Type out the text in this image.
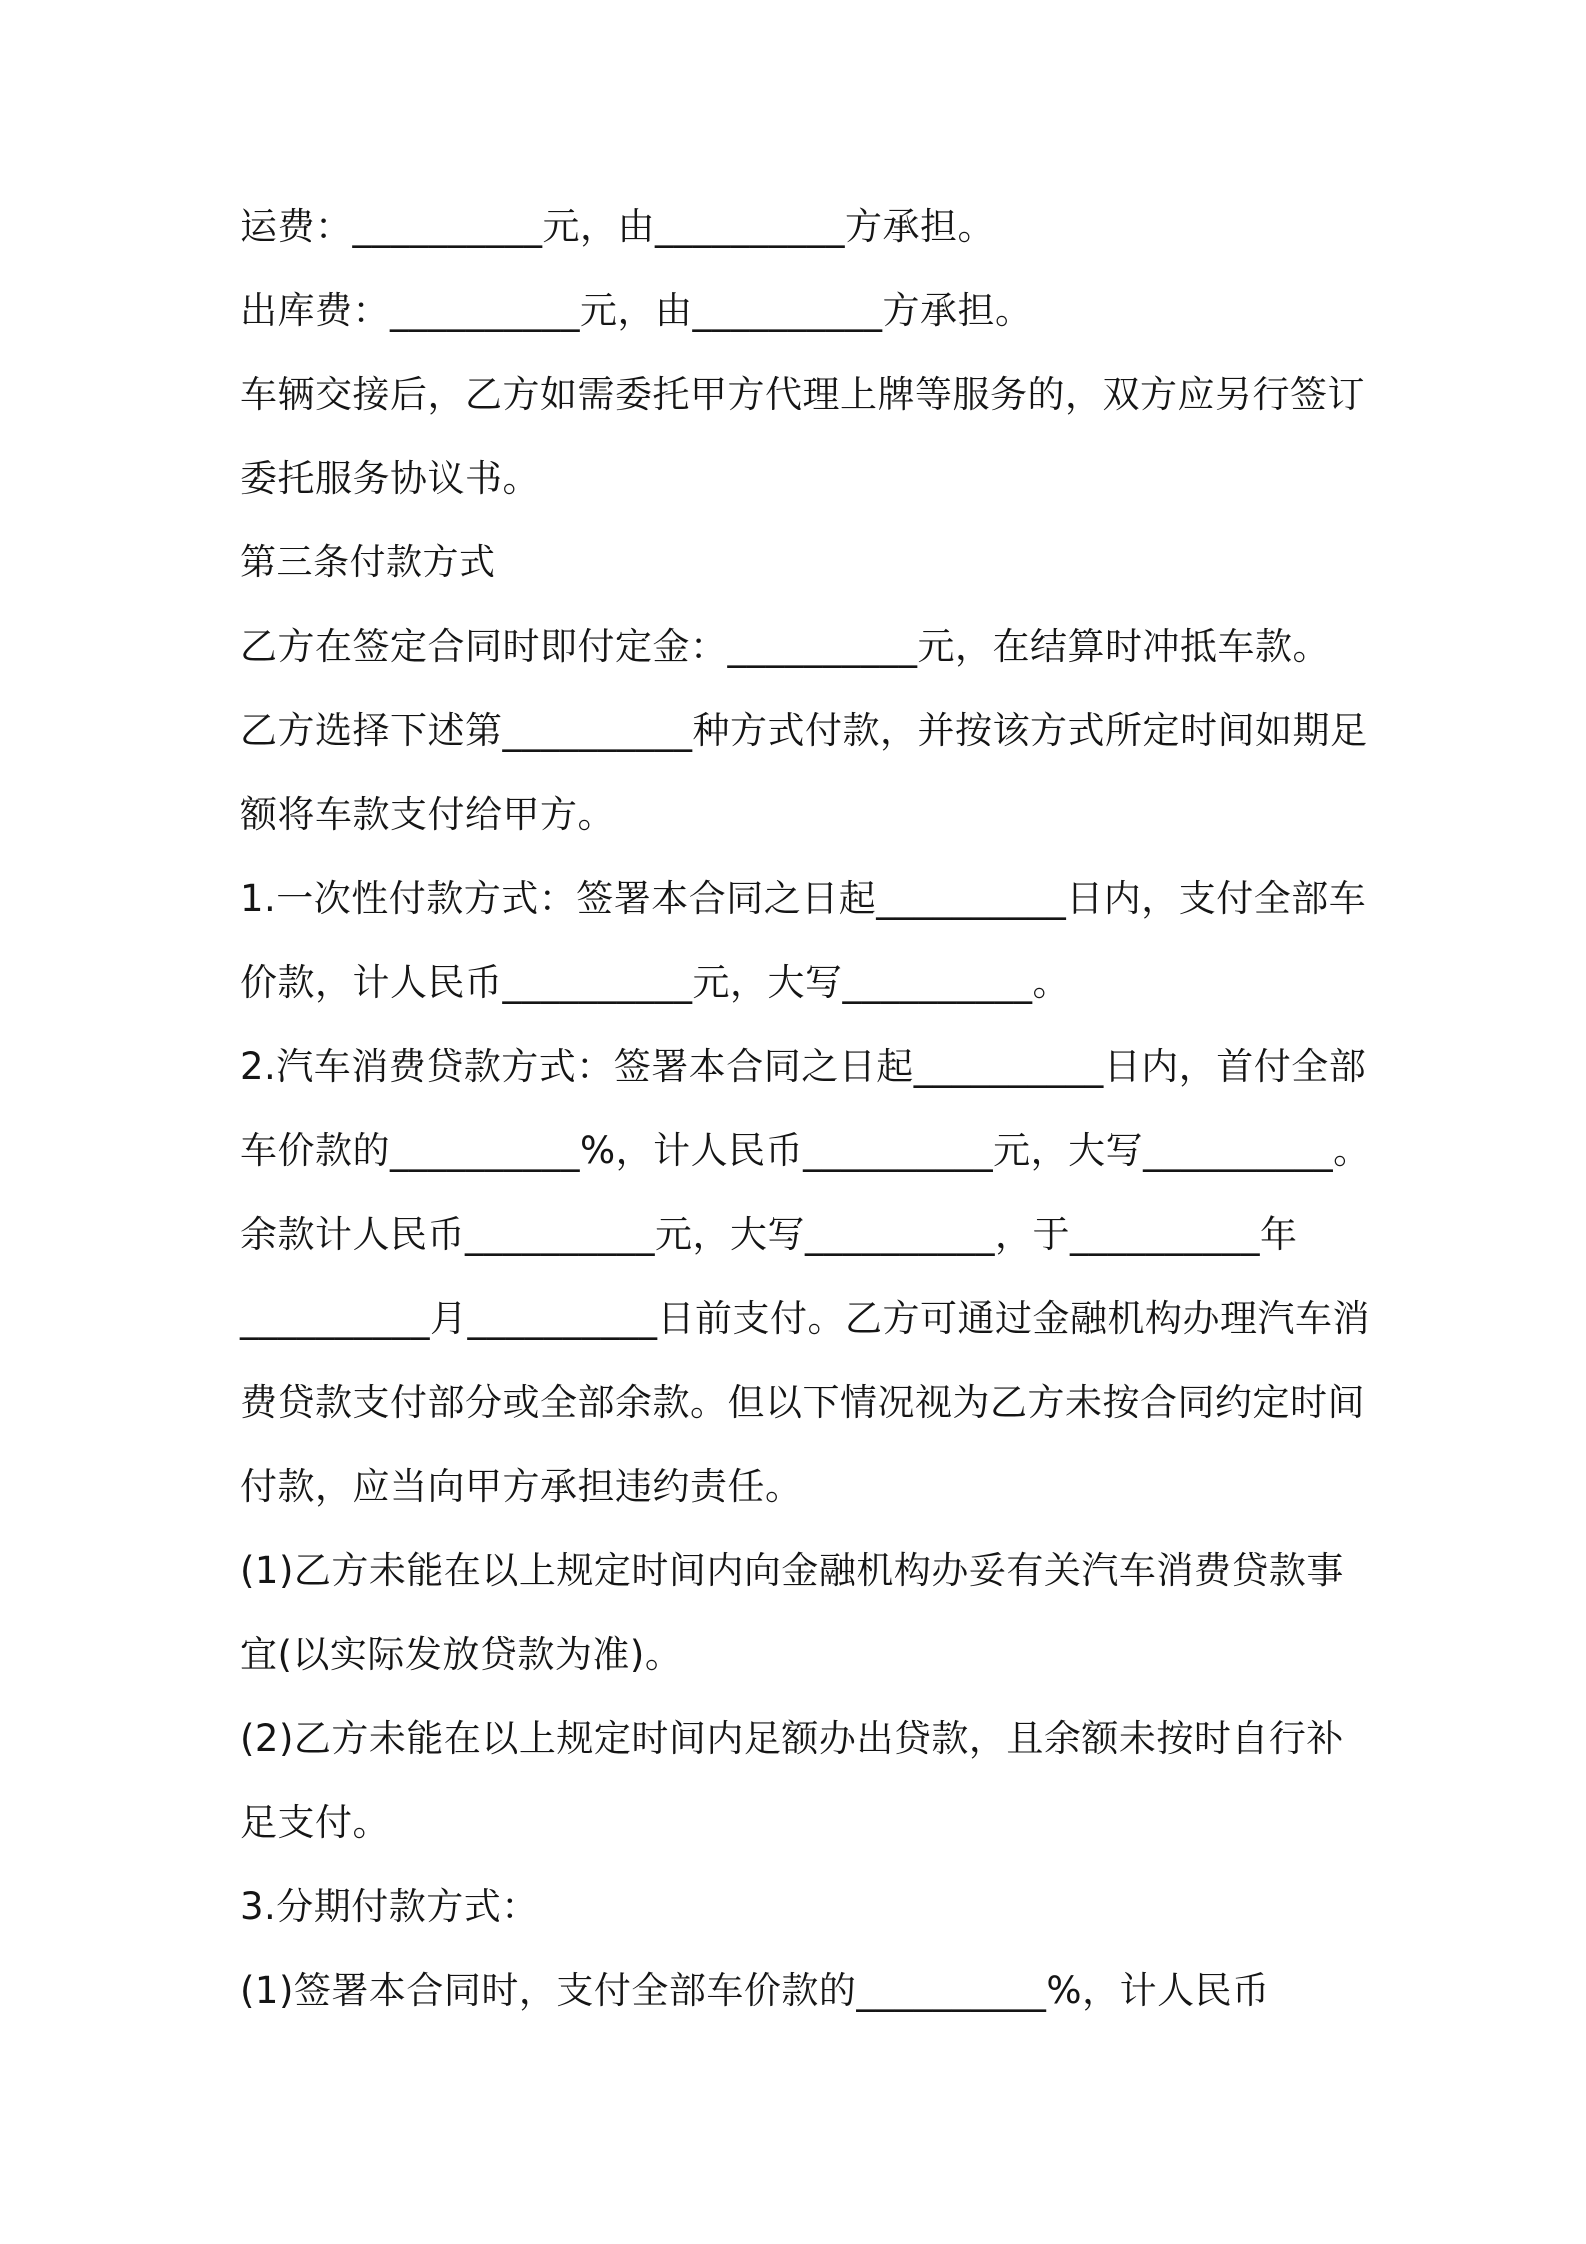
运费：__________元，由__________方承担。
出库费：__________元，由__________方承担。
车辆交接后，乙方如需委托甲方代理上牌等服务的，双方应另行签订
委托服务协议书。
第三条付款方式
乙方在签定合同时即付定金：__________元，在结算时冲抵车款。
乙方选择下述第__________种方式付款，并按该方式所定时间如期足
额将车款支付给甲方。
1.一次性付款方式：签署本合同之日起__________日内，支付全部车
价款，计人民币__________元，大写__________。
2.汽车消费贷款方式：签署本合同之日起__________日内，首付全部
车价款的__________%，计人民币__________元，大写__________。
余款计人民币__________元，大写__________，于__________年
__________月__________日前支付。乙方可通过金融机构办理汽车消
费贷款支付部分或全部余款。但以下情况视为乙方未按合同约定时间
付款，应当向甲方承担违约责任。
(1)乙方未能在以上规定时间内向金融机构办妥有关汽车消费贷款事
宜(以实际发放贷款为准)。
(2)乙方未能在以上规定时间内足额办出贷款，且余额未按时自行补
足支付。
3.分期付款方式：
(1)签署本合同时，支付全部车价款的__________%，计人民币
